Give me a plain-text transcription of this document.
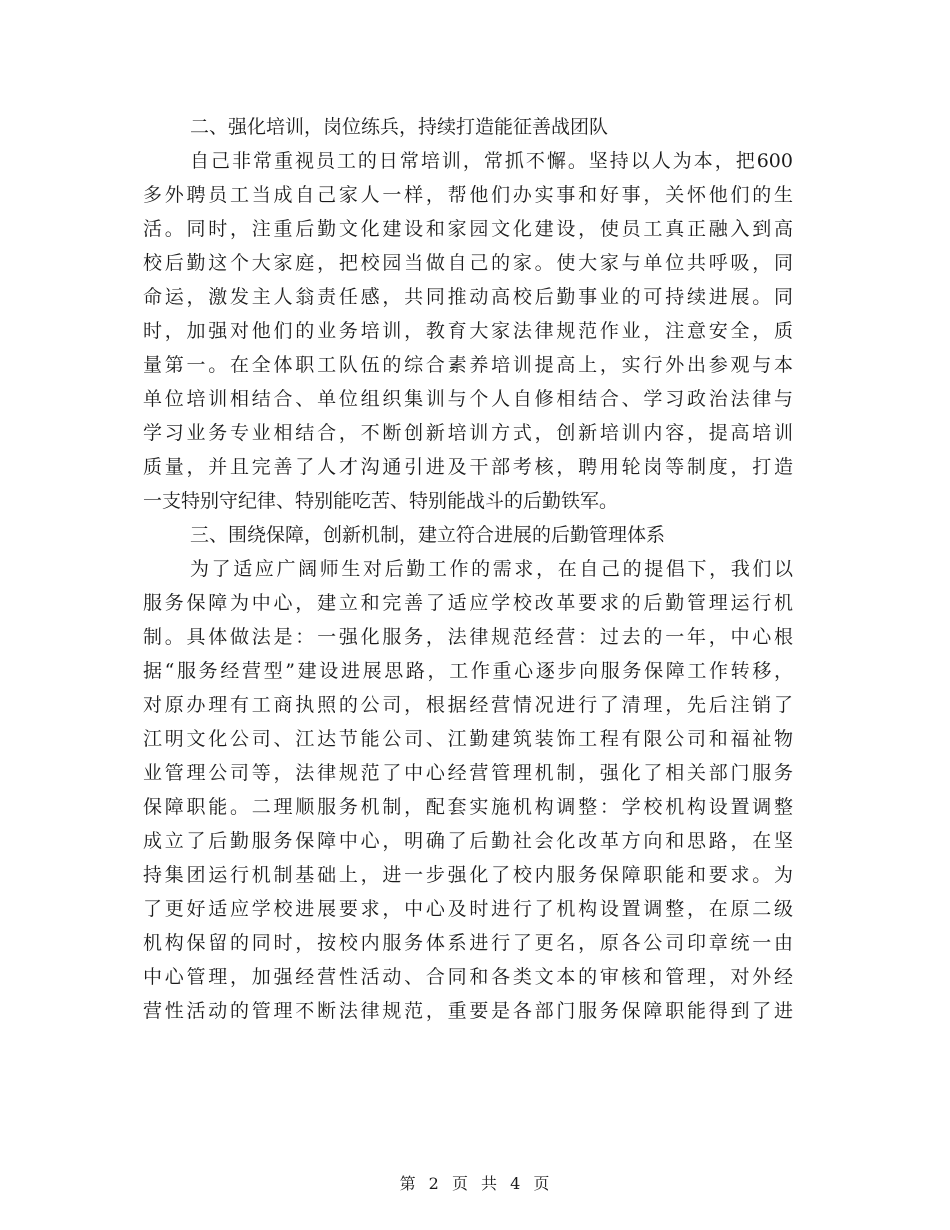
二、强化培训，岗位练兵，持续打造能征善战团队
自己非常重视员工的日常培训，常抓不懈。坚持以人为本，把600
多外聘员工当成自己家人一样，帮他们办实事和好事，关怀他们的生
活。同时，注重后勤文化建设和家园文化建设，使员工真正融入到高
校后勤这个大家庭，把校园当做自己的家。使大家与单位共呼吸，同
命运，激发主人翁责任感，共同推动高校后勤事业的可持续进展。同
时，加强对他们的业务培训，教育大家法律规范作业，注意安全，质
量第一。在全体职工队伍的综合素养培训提高上，实行外出参观与本
单位培训相结合、单位组织集训与个人自修相结合、学习政治法律与
学习业务专业相结合，不断创新培训方式，创新培训内容，提高培训
质量，并且完善了人才沟通引进及干部考核，聘用轮岗等制度，打造
一支特别守纪律、特别能吃苦、特别能战斗的后勤铁军。
三、围绕保障，创新机制，建立符合进展的后勤管理体系
为了适应广阔师生对后勤工作的需求，在自己的提倡下，我们以
服务保障为中心，建立和完善了适应学校改革要求的后勤管理运行机
制。具体做法是：一强化服务，法律规范经营：过去的一年，中心根
据“服务经营型”建设进展思路，工作重心逐步向服务保障工作转移，
对原办理有工商执照的公司，根据经营情况进行了清理，先后注销了
江明文化公司、江达节能公司、江勤建筑装饰工程有限公司和福祉物
业管理公司等，法律规范了中心经营管理机制，强化了相关部门服务
保障职能。二理顺服务机制，配套实施机构调整：学校机构设置调整
成立了后勤服务保障中心，明确了后勤社会化改革方向和思路，在坚
持集团运行机制基础上，进一步强化了校内服务保障职能和要求。为
了更好适应学校进展要求，中心及时进行了机构设置调整，在原二级
机构保留的同时，按校内服务体系进行了更名，原各公司印章统一由
中心管理，加强经营性活动、合同和各类文本的审核和管理，对外经
营性活动的管理不断法律规范，重要是各部门服务保障职能得到了进
第 2 页 共 4 页
